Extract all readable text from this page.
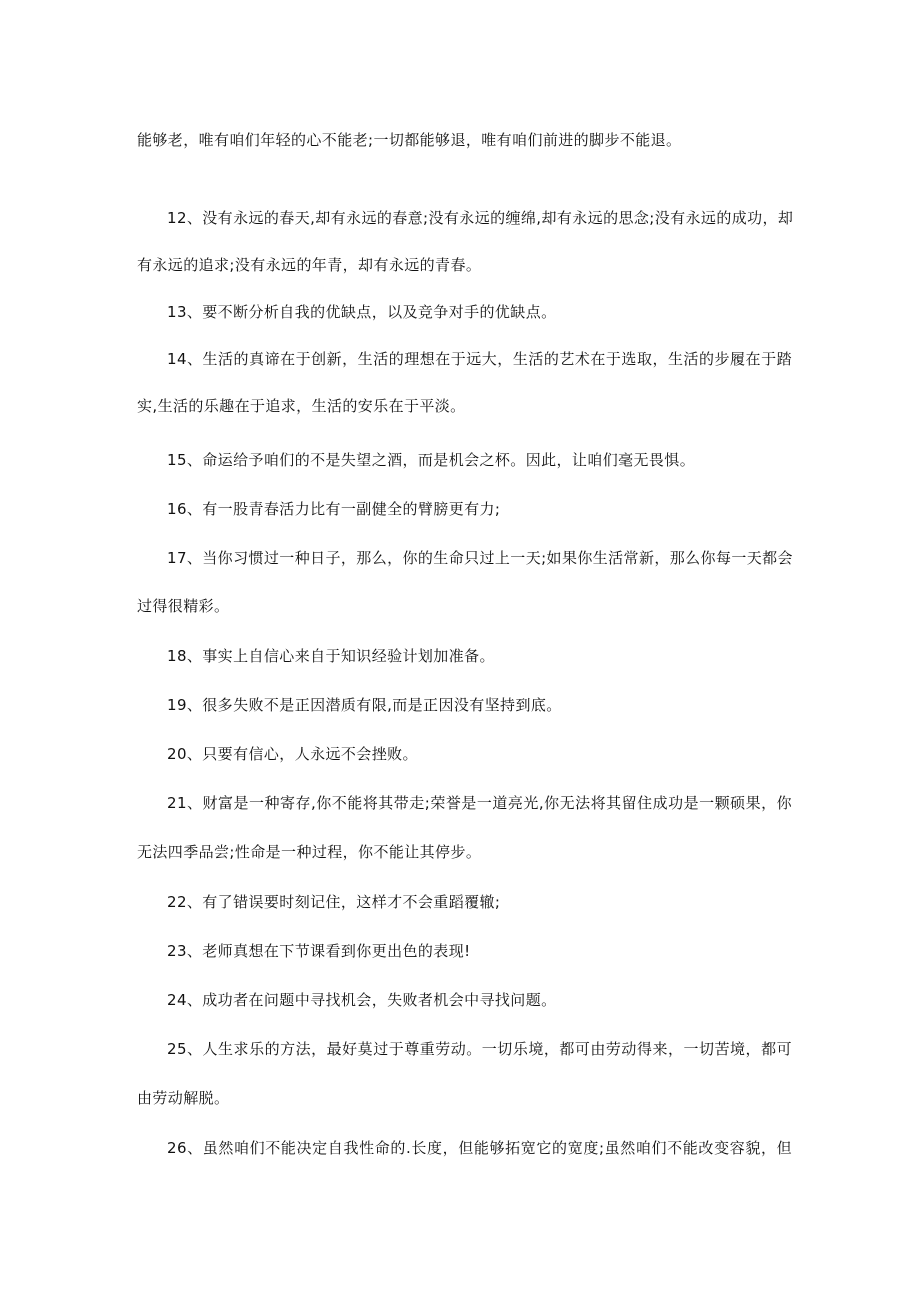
能够老，唯有咱们年轻的心不能老;一切都能够退，唯有咱们前进的脚步不能退。
12、没有永远的春天,却有永远的春意;没有永远的缠绵,却有永远的思念;没有永远的成功，却
有永远的追求;没有永远的年青，却有永远的青春。
13、要不断分析自我的优缺点，以及竞争对手的优缺点。
14、生活的真谛在于创新，生活的理想在于远大，生活的艺术在于选取，生活的步履在于踏
实,生活的乐趣在于追求，生活的安乐在于平淡。
15、命运给予咱们的不是失望之酒，而是机会之杯。因此，让咱们毫无畏惧。
16、有一股青春活力比有一副健全的臂膀更有力;
17、当你习惯过一种日子，那么，你的生命只过上一天;如果你生活常新，那么你每一天都会
过得很精彩。
18、事实上自信心来自于知识经验计划加准备。
19、很多失败不是正因潜质有限,而是正因没有坚持到底。
20、只要有信心，人永远不会挫败。
21、财富是一种寄存,你不能将其带走;荣誉是一道亮光,你无法将其留住成功是一颗硕果，你
无法四季品尝;性命是一种过程，你不能让其停步。
22、有了错误要时刻记住，这样才不会重蹈覆辙;
23、老师真想在下节课看到你更出色的表现!
24、成功者在问题中寻找机会，失败者机会中寻找问题。
25、人生求乐的方法，最好莫过于尊重劳动。一切乐境，都可由劳动得来，一切苦境，都可
由劳动解脱。
26、虽然咱们不能决定自我性命的.长度，但能够拓宽它的宽度;虽然咱们不能改变容貌，但
